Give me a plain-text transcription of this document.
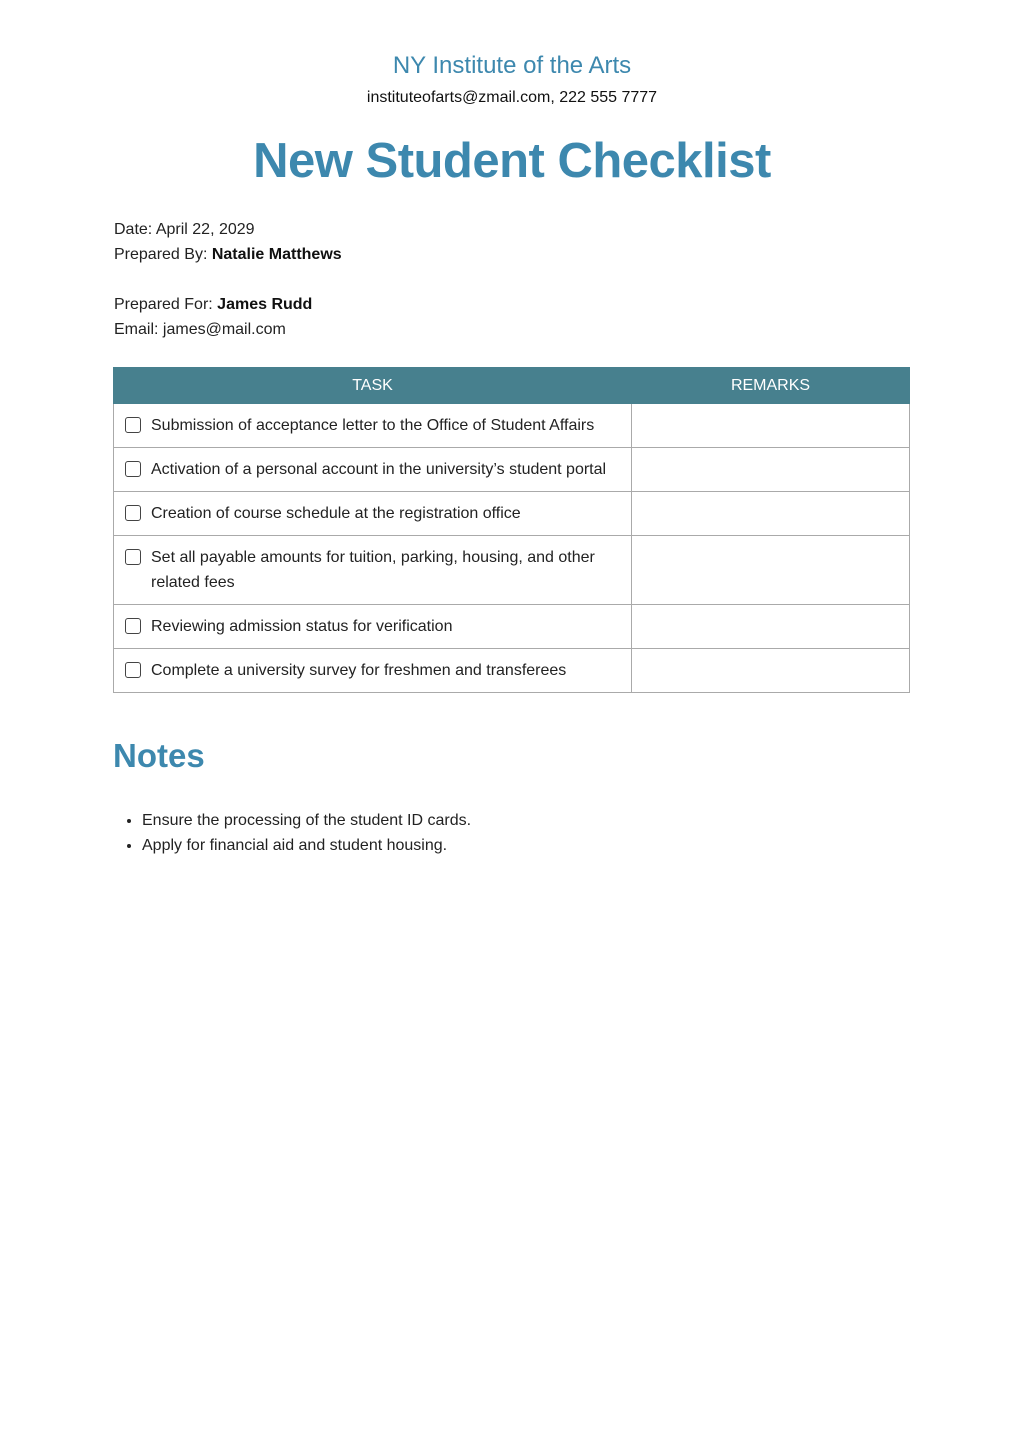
NY Institute of the Arts
instituteofarts@zmail.com, 222 555 7777
New Student Checklist
Date: April 22, 2029
Prepared By: Natalie Matthews
Prepared For: James Rudd
Email: james@mail.com
TASK	REMARKS

Submission of acceptance letter to the Office of Student Affairs	

Activation of a personal account in the university’s student portal	

Creation of course schedule at the registration office	

Set all payable amounts for tuition, parking, housing, and other related fees	

Reviewing admission status for verification	

Complete a university survey for freshmen and transferees	

Notes
• Ensure the processing of the student ID cards.
• Apply for financial aid and student housing.
